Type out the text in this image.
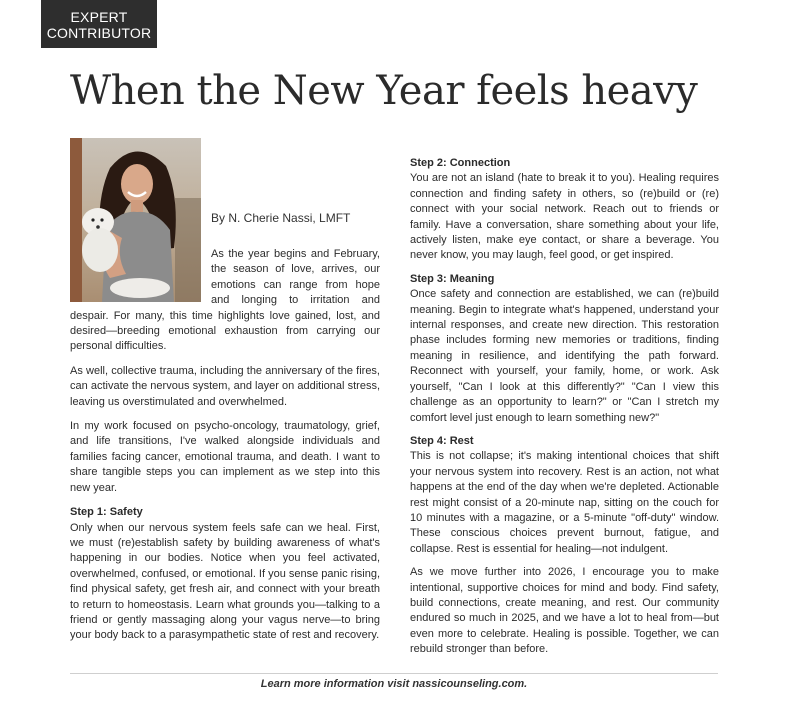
EXPERT
CONTRIBUTOR
When the New Year feels heavy
By N. Cherie Nassi, LMFT

As the year begins and February, the season of love, arrives, our emotions can range from hope and longing to irritation and despair. For many, this time highlights love gained, lost, and desired—breeding emotional exhaustion from carrying our personal difficulties.

As well, collective trauma, including the anniversary of the fires, can activate the nervous system, and layer on additional stress, leaving us overstimulated and overwhelmed.

In my work focused on psycho-oncology, traumatology, grief, and life transitions, I've walked alongside individuals and families facing cancer, emotional trauma, and death. I want to share tangible steps you can implement as we step into this new year.

Step 1: Safety

Only when our nervous system feels safe can we heal. First, we must (re)establish safety by building awareness of what's happening in our bodies. Notice when you feel activated, overwhelmed, confused, or emotional. If you sense panic rising, find physical safety, get fresh air, and connect with your breath to return to homeostasis. Learn what grounds you—talking to a friend or gently massaging along your vagus nerve—to bring your body back to a parasympathetic state of rest and recovery.

Step 2: Connection

You are not an island (hate to break it to you). Healing requires connection and finding safety in others, so (re)build or (re) connect with your social network. Reach out to friends or family. Have a conversation, share something about your life, actively listen, make eye contact, or share a beverage. You never know, you may laugh, feel good, or get inspired.

Step 3: Meaning

Once safety and connection are established, we can (re)build meaning. Begin to integrate what's happened, understand your internal responses, and create new direction. This restoration phase includes forming new memories or traditions, finding meaning in resilience, and identifying the path forward. Reconnect with yourself, your family, home, or work. Ask yourself, "Can I look at this differently?" "Can I view this challenge as an opportunity to learn?" or "Can I stretch my comfort level just enough to learn something new?"

Step 4: Rest

This is not collapse; it's making intentional choices that shift your nervous system into recovery. Rest is an action, not what happens at the end of the day when we're depleted. Actionable rest might consist of a 20-minute nap, sitting on the couch for 10 minutes with a magazine, or a 5-minute "off-duty" window. These conscious choices prevent burnout, fatigue, and collapse. Rest is essential for healing—not indulgent.

As we move further into 2026, I encourage you to make intentional, supportive choices for mind and body. Find safety, build connections, create meaning, and rest. Our community endured so much in 2025, and we have a lot to heal from—but even more to celebrate. Healing is possible. Together, we can rebuild stronger than before.

Learn more information visit nassicounseling.com.
